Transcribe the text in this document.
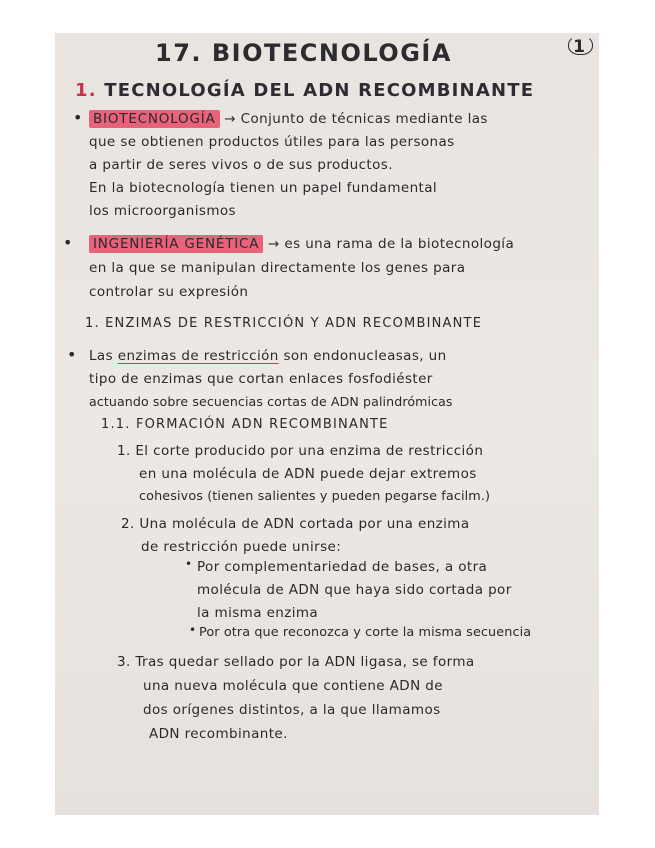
1
17. BIOTECNOLOGÍA
1. TECNOLOGÍA DEL ADN RECOMBINANTE
• BIOTECNOLOGÍA → Conjunto de técnicas mediante las
que se obtienen productos útiles para las personas
a partir de seres vivos o de sus productos.
En la biotecnología tienen un papel fundamental
los microorganismos
• INGENIERÍA GENÉTICA → es una rama de la biotecnología
en la que se manipulan directamente los genes para
controlar su expresión
1. ENZIMAS DE RESTRICCIÓN Y ADN RECOMBINANTE
• Las enzimas de restricción son endonucleasas, un
tipo de enzimas que cortan enlaces fosfodiéster
actuando sobre secuencias cortas de ADN palindrómicas
1.1. FORMACIÓN ADN RECOMBINANTE
1. El corte producido por una enzima de restricción
en una molécula de ADN puede dejar extremos
cohesivos (tienen salientes y pueden pegarse facilm.)
2. Una molécula de ADN cortada por una enzima
de restricción puede unirse:
• Por complementariedad de bases, a otra
molécula de ADN que haya sido cortada por
la misma enzima
• Por otra que reconozca y corte la misma secuencia
3. Tras quedar sellado por la ADN ligasa, se forma
una nueva molécula que contiene ADN de
dos orígenes distintos, a la que llamamos
ADN recombinante.
